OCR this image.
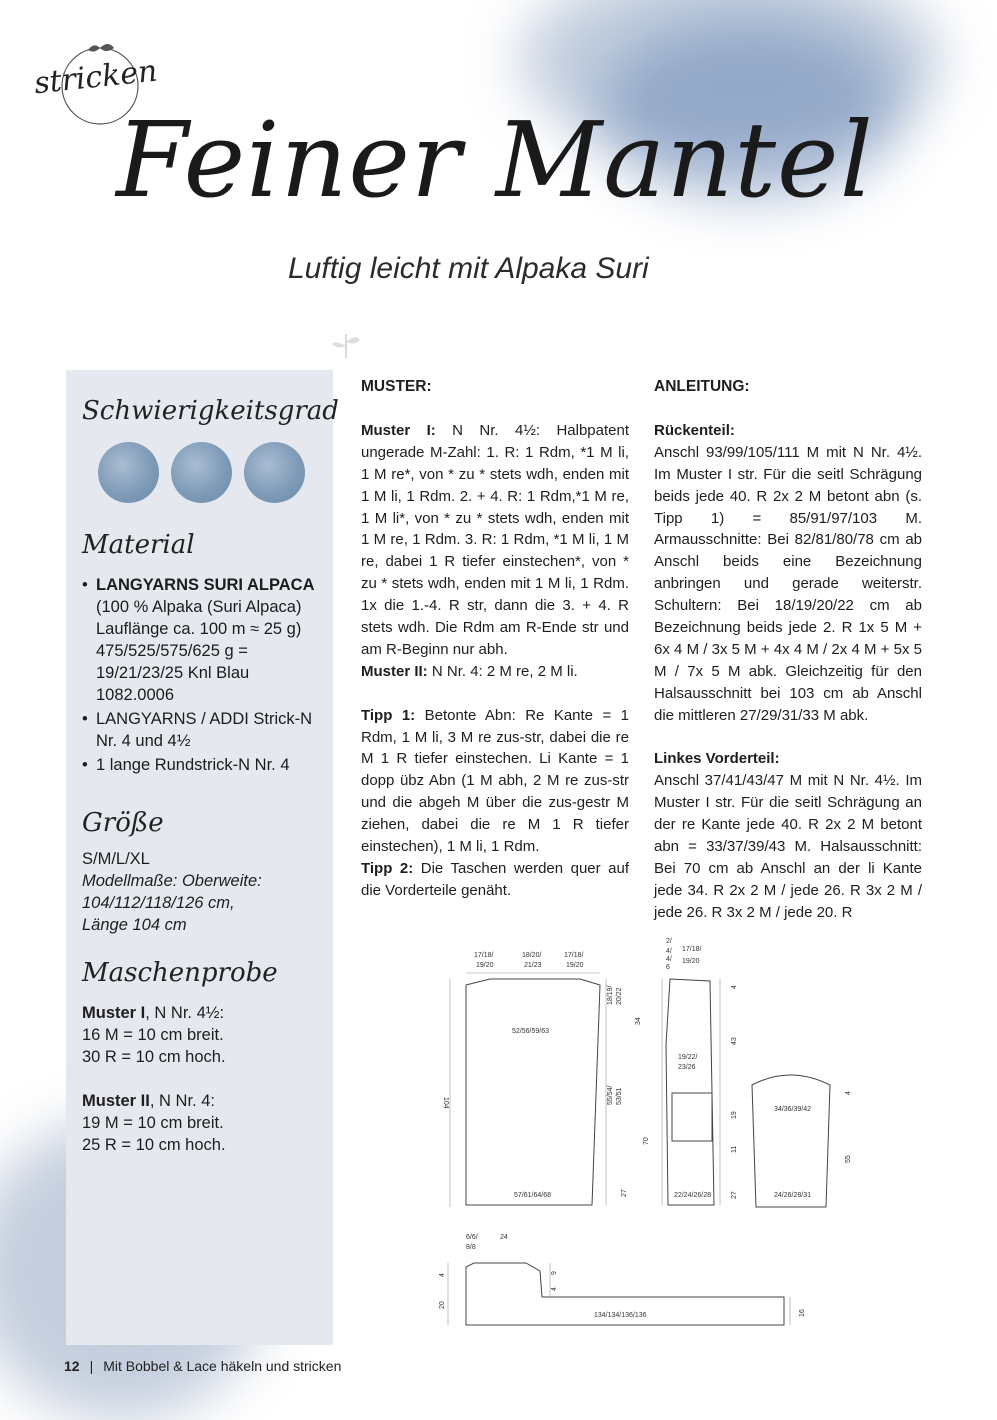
stricken
Feiner Mantel
Luftig leicht mit Alpaka Suri
Schwierigkeitsgrad
Material
• LANGYARNS SURI ALPACA
(100 % Alpaka (Suri Alpaca) Lauflänge ca. 100 m ≈ 25 g) 475/525/575/625 g = 19/21/23/25 Knl Blau 1082.0006
• LANGYARNS / ADDI Strick-N Nr. 4 und 4½
• 1 lange Rundstrick-N Nr. 4
Größe
S/M/L/XL
Modellmaße: Oberweite:
104/112/118/126 cm,
Länge 104 cm
Maschenprobe
Muster I, N Nr. 4½:
16 M = 10 cm breit.
30 R = 10 cm hoch.
Muster II, N Nr. 4:
19 M = 10 cm breit.
25 R = 10 cm hoch.
MUSTER:

Muster I: N Nr. 4½: Halbpatent ungerade M-Zahl: 1. R: 1 Rdm, *1 M li, 1 M re*, von * zu * stets wdh, enden mit 1 M li, 1 Rdm. 2. + 4. R: 1 Rdm,*1 M re, 1 M li*, von * zu * stets wdh, enden mit 1 M re, 1 Rdm. 3. R: 1 Rdm, *1 M li, 1 M re, dabei 1 R tiefer einstechen*, von * zu * stets wdh, enden mit 1 M li, 1 Rdm. 1x die 1.-4. R str, dann die 3. + 4. R stets wdh. Die Rdm am R-Ende str und am R-Beginn nur abh.

Muster II: N Nr. 4: 2 M re, 2 M li.

Tipp 1: Betonte Abn: Re Kante = 1 Rdm, 1 M li, 3 M re zus-str, dabei die re M 1 R tiefer einstechen. Li Kante = 1 dopp übz Abn (1 M abh, 2 M re zus-str und die abgeh M über die zus-gestr M ziehen, dabei die re M 1 R tiefer einstechen), 1 M li, 1 Rdm.

Tipp 2: Die Taschen werden quer auf die Vorderteile genäht.

ANLEITUNG:

Rückenteil:

Anschl 93/99/105/111 M mit N Nr. 4½. Im Muster I str. Für die seitl Schrägung beids jede 40. R 2x 2 M betont abn (s. Tipp 1) = 85/91/97/103 M. Armausschnitte: Bei 82/81/80/78 cm ab Anschl beids eine Bezeichnung anbringen und gerade weiterstr. Schultern: Bei 18/19/20/22 cm ab Bezeichnung beids jede 2. R 1x 5 M + 6x 4 M / 3x 5 M + 4x 4 M / 2x 4 M + 5x 5 M / 7x 5 M abk. Gleichzeitig für den Halsausschnitt bei 103 cm ab Anschl die mittleren 27/29/31/33 M abk.

Linkes Vorderteil:

Anschl 37/41/43/47 M mit N Nr. 4½. Im Muster I str. Für die seitl Schrägung an der re Kante jede 40. R 2x 2 M betont abn = 33/37/39/43 M. Halsausschnitt: Bei 70 cm ab Anschl an der li Kante jede 34. R 2x 2 M / jede 26. R 3x 2 M / jede 26. R 3x 2 M / jede 20. R

17/18/
19/20
18/20/
21/23
17/18/
19/20
52/56/59/63
57/61/64/68
104
18/19/ 20/22
34
55/54/ 53/51
27
70
2/
4/
4/
6
17/18/
19/20
19/22/
23/26
22/24/26/28
4
43
19
11
27
34/36/39/42
24/26/28/31
55
4
6/6/
8/8
24
134/134/136/136
4
20
9
4
16
12 | Mit Bobbel & Lace häkeln und stricken
